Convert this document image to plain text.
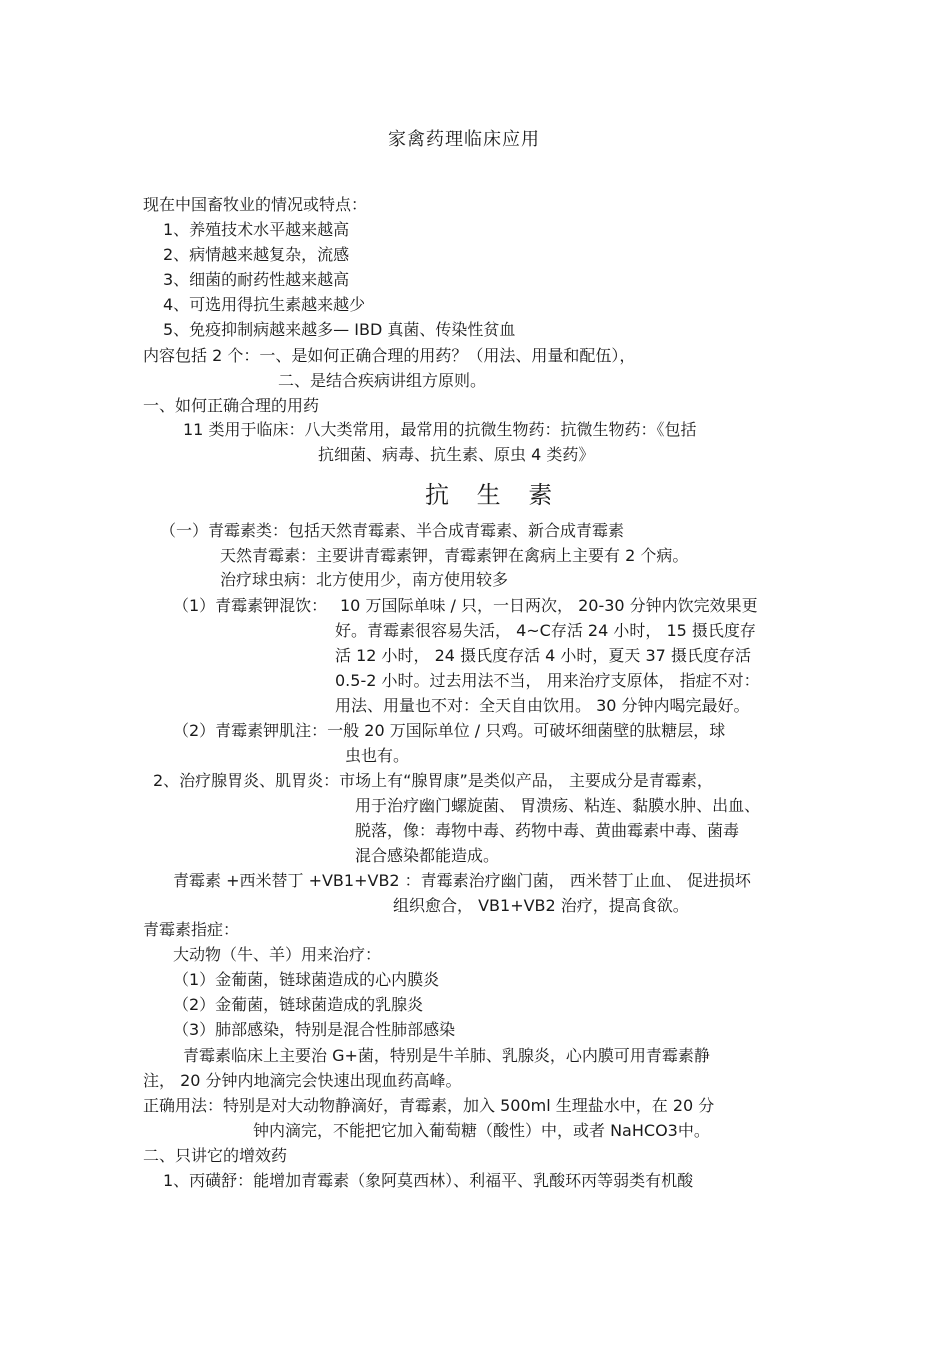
家禽药理临床应用
现在中国畜牧业的情况或特点：
1、养殖技术水平越来越高
2、病情越来越复杂，流感
3、细菌的耐药性越来越高
4、可选用得抗生素越来越少
5、免疫抑制病越来越多— IBD 真菌、传染性贫血
内容包括 2 个：一、是如何正确合理的用药？（用法、用量和配伍），
二、是结合疾病讲组方原则。
一、如何正确合理的用药
11 类用于临床：八大类常用，最常用的抗微生物药：抗微生物药：《包括
抗细菌、病毒、抗生素、原虫 4 类药》
抗 生 素
（一）青霉素类：包括天然青霉素、半合成青霉素、新合成青霉素
天然青霉素：主要讲青霉素钾，青霉素钾在禽病上主要有 2 个病。
治疗球虫病：北方使用少，南方使用较多
（1）青霉素钾混饮： 10 万国际单味 / 只，一日两次， 20-30 分钟内饮完效果更
好。青霉素很容易失活， 4~C存活 24 小时， 15 摄氏度存
活 12 小时， 24 摄氏度存活 4 小时，夏天 37 摄氏度存活
0.5-2 小时。过去用法不当， 用来治疗支原体， 指症不对：
用法、用量也不对：全天自由饮用。 30 分钟内喝完最好。
（2）青霉素钾肌注：一般 20 万国际单位 / 只鸡。可破坏细菌壁的肽糖层，球
虫也有。
2、治疗腺胃炎、肌胃炎：市场上有“腺胃康”是类似产品， 主要成分是青霉素，
用于治疗幽门螺旋菌、 胃溃疡、粘连、黏膜水肿、出血、
脱落，像：毒物中毒、药物中毒、黄曲霉素中毒、菌毒
混合感染都能造成。
青霉素 +西米替丁 +VB1+VB2 ：青霉素治疗幽门菌， 西米替丁止血、 促进损坏
组织愈合， VB1+VB2 治疗，提高食欲。
青霉素指症：
大动物（牛、羊）用来治疗：
（1）金葡菌，链球菌造成的心内膜炎
（2）金葡菌，链球菌造成的乳腺炎
（3）肺部感染，特别是混合性肺部感染
青霉素临床上主要治 G+菌，特别是牛羊肺、乳腺炎，心内膜可用青霉素静
注， 20 分钟内地滴完会快速出现血药高峰。
正确用法：特别是对大动物静滴好，青霉素，加入 500ml 生理盐水中，在 20 分
钟内滴完，不能把它加入葡萄糖（酸性）中，或者 NaHCO3中。
二、只讲它的增效药
1、丙磺舒：能增加青霉素（象阿莫西林）、利福平、乳酸环丙等弱类有机酸
